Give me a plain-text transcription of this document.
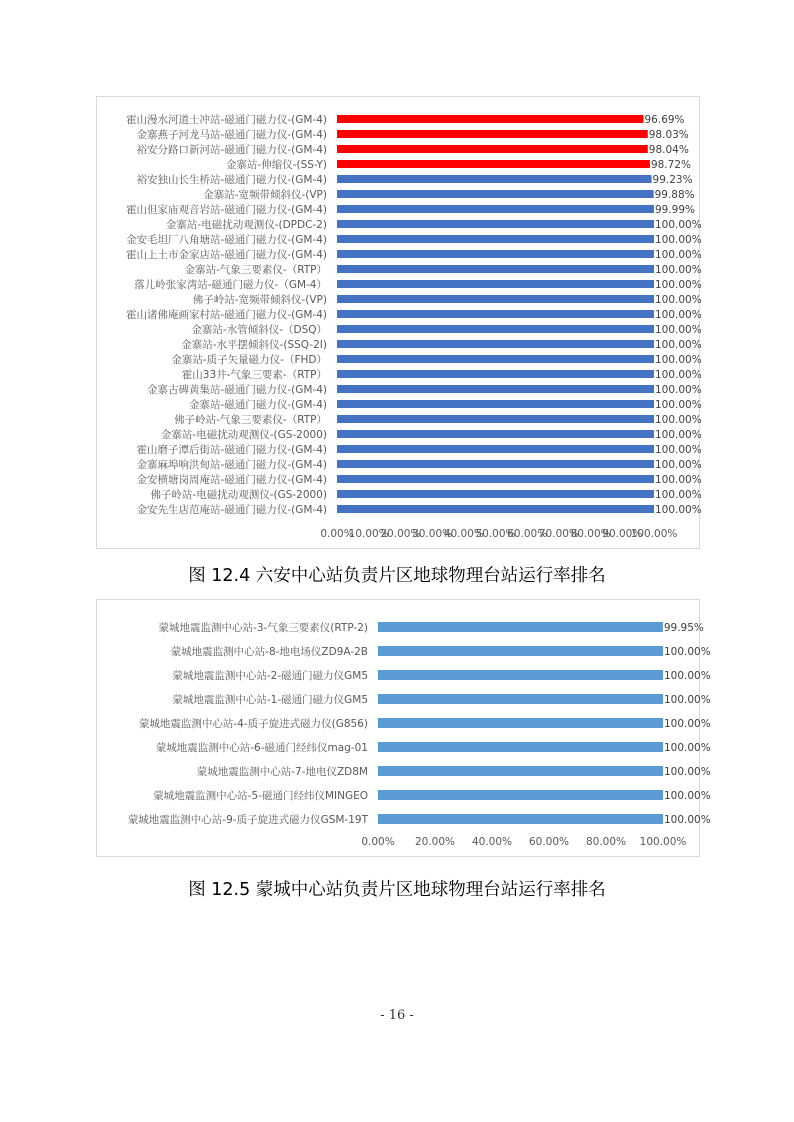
霍山漫水河道士冲站-磁通门磁力仪-(GM-4)	96.69%
金寨燕子河龙马站-磁通门磁力仪-(GM-4)	98.03%
裕安分路口新河站-磁通门磁力仪-(GM-4)	98.04%
金寨站-伸缩仪-(SS-Y)	98.72%
裕安独山长生桥站-磁通门磁力仪-(GM-4)	99.23%
金寨站-宽频带倾斜仪-(VP)	99.88%
霍山但家庙观音岩站-磁通门磁力仪-(GM-4)	99.99%
金寨站-电磁扰动观测仪-(DPDC-2)	100.00%
金安毛坦厂八角塘站-磁通门磁力仪-(GM-4)	100.00%
霍山上土市金家店站-磁通门磁力仪-(GM-4)	100.00%
金寨站-气象三要素仪-（RTP）	100.00%
落儿岭张家湾站-磁通门磁力仪-（GM-4）	100.00%
佛子岭站-宽频带倾斜仪-(VP)	100.00%
霍山诸佛庵画家村站-磁通门磁力仪-(GM-4)	100.00%
金寨站-水管倾斜仪-（DSQ）	100.00%
金寨站-水平摆倾斜仪-(SSQ-2I)	100.00%
金寨站-质子矢量磁力仪-（FHD）	100.00%
霍山33井-气象三要素-（RTP）	100.00%
金寨古碑黄集站-磁通门磁力仪-(GM-4)	100.00%
金寨站-磁通门磁力仪-(GM-4)	100.00%
佛子岭站-气象三要素仪-（RTP）	100.00%
金寨站-电磁扰动观测仪-(GS-2000)	100.00%
霍山磨子潭后街站-磁通门磁力仪-(GM-4)	100.00%
金寨麻埠响洪甸站-磁通门磁力仪-(GM-4)	100.00%
金安横塘岗周庵站-磁通门磁力仪-(GM-4)	100.00%
佛子岭站-电磁扰动观测仪-(GS-2000)	100.00%
金安先生店范庵站-磁通门磁力仪-(GM-4)	100.00%
0.00%
10.00%
20.00%
30.00%
40.00%
50.00%
60.00%
70.00%
80.00%
90.00%
100.00%
图 12.4 六安中心站负责片区地球物理台站运行率排名
蒙城地震监测中心站-3-气象三要素仪(RTP-2)	99.95%
蒙城地震监测中心站-8-地电场仪ZD9A-2B	100.00%
蒙城地震监测中心站-2-磁通门磁力仪GM5	100.00%
蒙城地震监测中心站-1-磁通门磁力仪GM5	100.00%
蒙城地震监测中心站-4-质子旋进式磁力仪(G856)	100.00%
蒙城地震监测中心站-6-磁通门经纬仪mag-01	100.00%
蒙城地震监测中心站-7-地电仪ZD8M	100.00%
蒙城地震监测中心站-5-磁通门经纬仪MINGEO	100.00%
蒙城地震监测中心站-9-质子旋进式磁力仪GSM-19T	100.00%
0.00% 20.00% 40.00% 60.00% 80.00% 100.00%
图 12.5 蒙城中心站负责片区地球物理台站运行率排名
- 16 -
